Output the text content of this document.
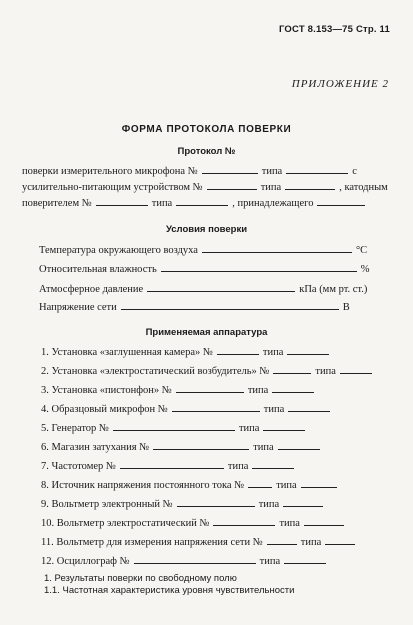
ГОСТ 8.153—75 Стр. 11
ПРИЛОЖЕНИЕ 2
ФОРМА ПРОТОКОЛА ПОВЕРКИ
Протокол №
поверки измерительного микрофона №	типа	с
усилительно-питающим устройством №	типа	, катодным
поверителем №	типа	, принадлежащего
Условия поверки
Температура окружающего воздуха	°С
Относительная влажность	%
Атмосферное давление	кПа (мм рт. ст.)
Напряжение сети	В
Применяемая аппаратура
1. Установка «заглушенная камера» №	типа
2. Установка «электростатический возбудитель» №	типа
3. Установка «пистонфон» №	типа
4. Образцовый микрофон №	типа
5. Генератор №	типа
6. Магазин затухания №	типа
7. Частотомер №	типа
8. Источник напряжения постоянного тока №	типа
9. Вольтметр электронный №	типа
10. Вольтметр электростатический №	типа
11. Вольтметр для измерения напряжения сети №	типа
12. Осциллограф №	типа
1. Результаты поверки по свободному полю
1.1. Частотная характеристика уровня чувствительности
